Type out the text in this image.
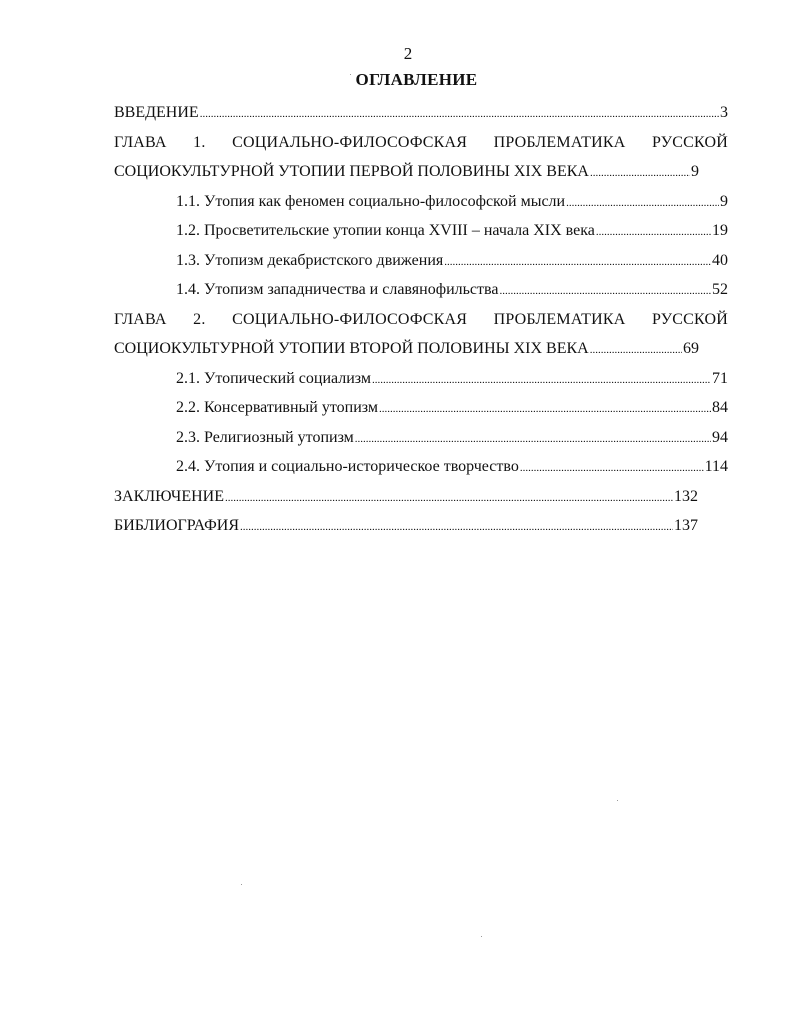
2
ОГЛАВЛЕНИЕ
ВВЕДЕНИЕ .....	3
ГЛАВА 1. СОЦИАЛЬНО-ФИЛОСОФСКАЯ ПРОБЛЕМАТИКА РУССКОЙ
СОЦИОКУЛЬТУРНОЙ УТОПИИ ПЕРВОЙ ПОЛОВИНЫ XIX ВЕКА .....	9
1.1. Утопия как феномен социально-философской мысли .....	9
1.2. Просветительские утопии конца XVIII – начала XIX века .....	19
1.3. Утопизм декабристского движения .....	40
1.4. Утопизм западничества и славянофильства .....	52
ГЛАВА 2. СОЦИАЛЬНО-ФИЛОСОФСКАЯ ПРОБЛЕМАТИКА РУССКОЙ
СОЦИОКУЛЬТУРНОЙ УТОПИИ ВТОРОЙ ПОЛОВИНЫ XIX ВЕКА .....	69
2.1. Утопический социализм .....	71
2.2. Консервативный утопизм .....	84
2.3. Религиозный утопизм .....	94
2.4. Утопия и социально-историческое творчество .....	114
ЗАКЛЮЧЕНИЕ .....	132
БИБЛИОГРАФИЯ .....	137
